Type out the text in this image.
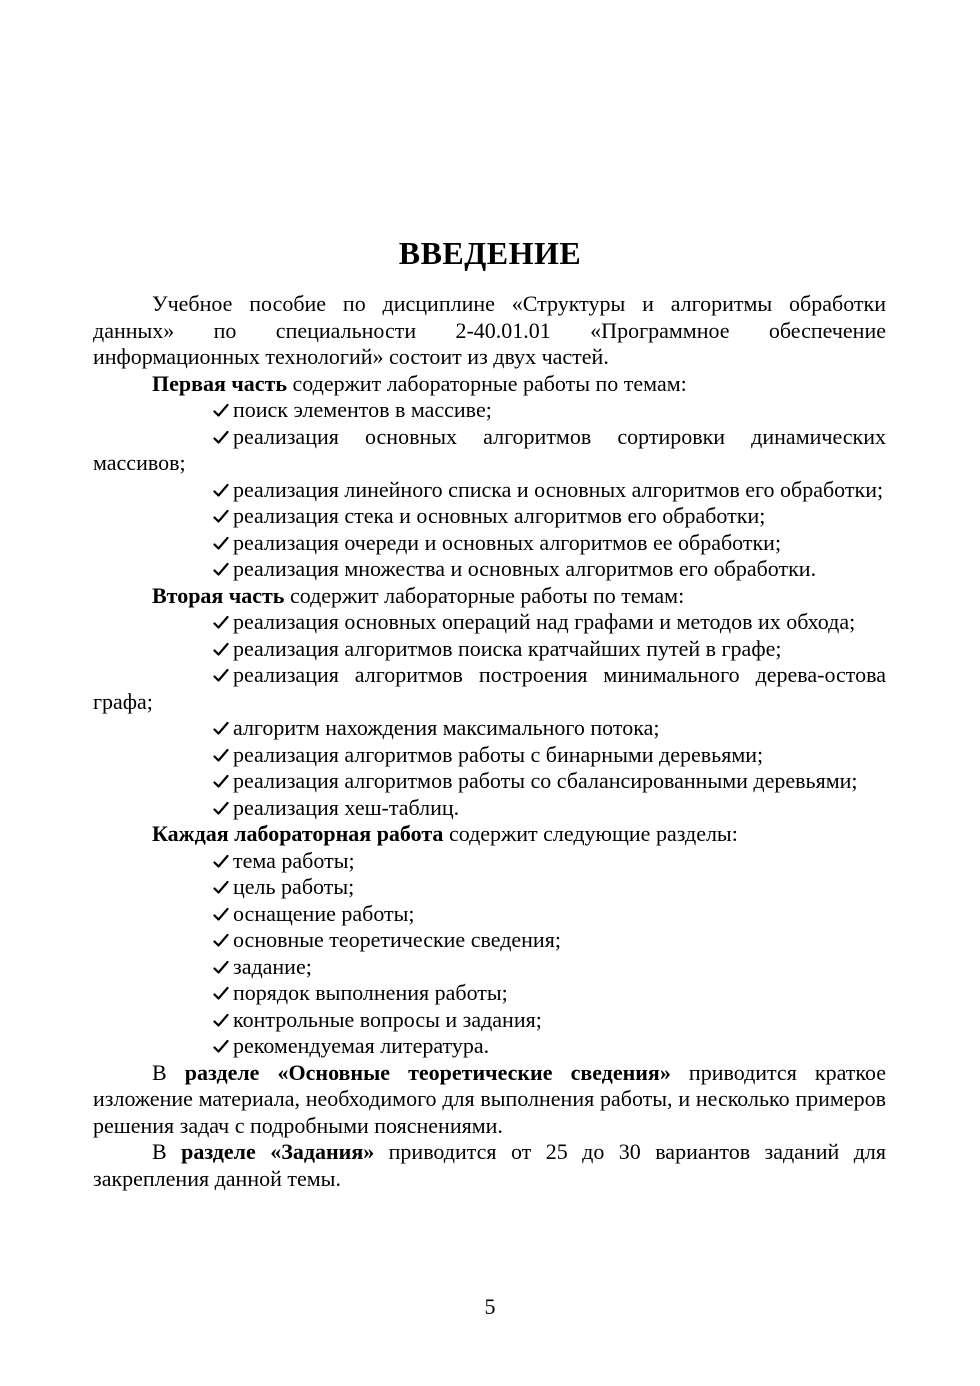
ВВЕДЕНИЕ

Учебное пособие по дисциплине «Структуры и алгоритмы обработки данных» по специальности 2-40.01.01 «Программное обеспечение информационных технологий» состоит из двух частей.

Первая часть содержит лабораторные работы по темам:

поиск элементов в массиве;

реализация основных алгоритмов сортировки динамических массивов;

реализация линейного списка и основных алгоритмов его обработки;

реализация стека и основных алгоритмов его обработки;

реализация очереди и основных алгоритмов ее обработки;

реализация множества и основных алгоритмов его обработки.

Вторая часть содержит лабораторные работы по темам:

реализация основных операций над графами и методов их обхода;

реализация алгоритмов поиска кратчайших путей в графе;

реализация алгоритмов построения минимального дерева-остова графа;

алгоритм нахождения максимального потока;

реализация алгоритмов работы с бинарными деревьями;

реализация алгоритмов работы со сбалансированными деревьями;

реализация хеш-таблиц.

Каждая лабораторная работа содержит следующие разделы:

тема работы;

цель работы;

оснащение работы;

основные теоретические сведения;

задание;

порядок выполнения работы;

контрольные вопросы и задания;

рекомендуемая литература.

В разделе «Основные теоретические сведения» приводится краткое изложение материала, необходимого для выполнения работы, и несколько примеров решения задач с подробными пояснениями.

В разделе «Задания» приводится от 25 до 30 вариантов заданий для закрепления данной темы.

5
